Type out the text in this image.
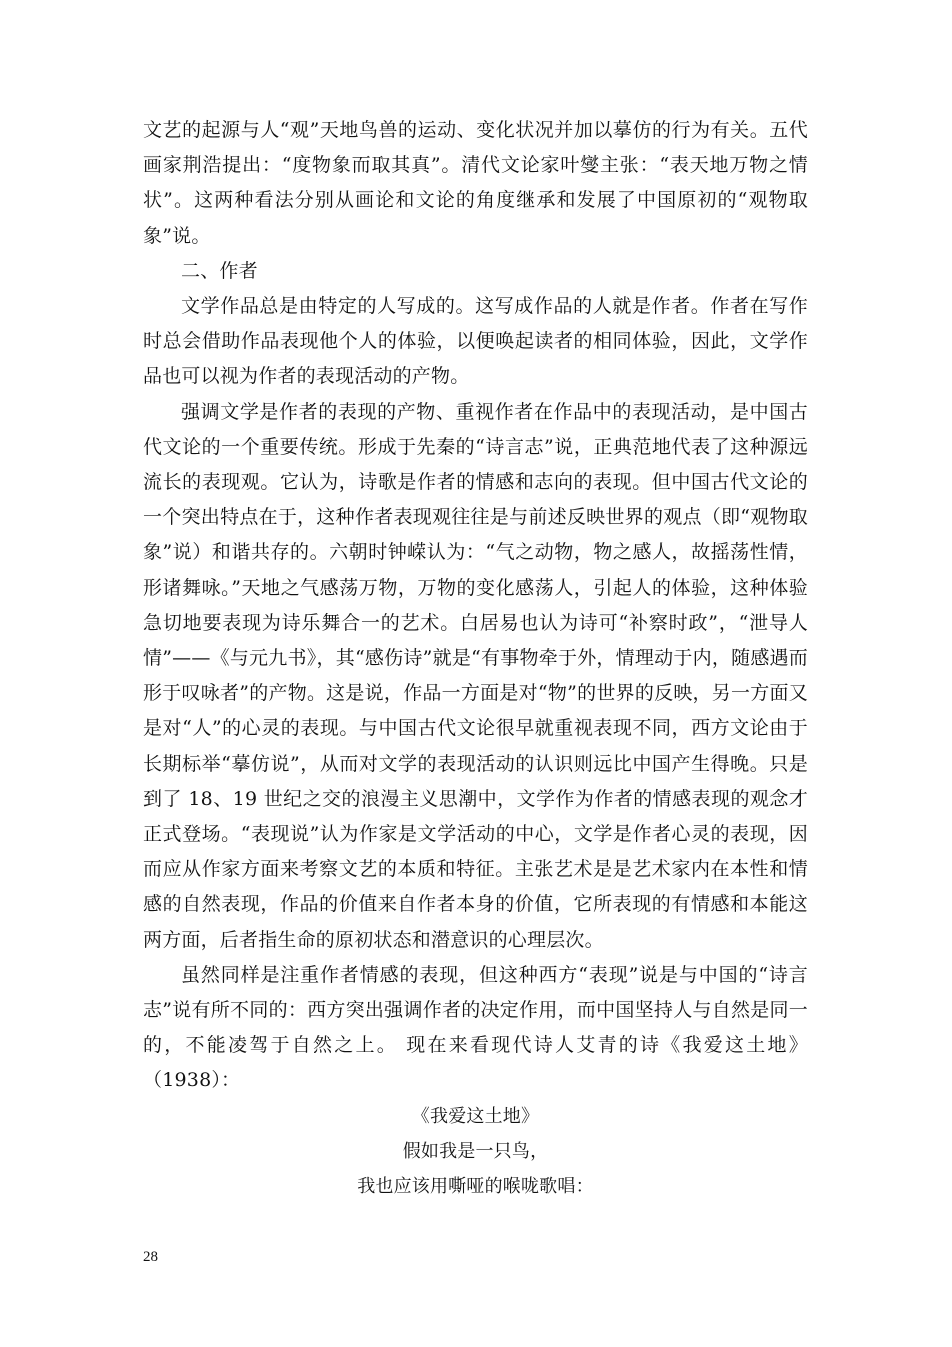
文艺的起源与人“观”天地鸟兽的运动、变化状况并加以摹仿的行为有关。五代画家荆浩提出：“度物象而取其真”。清代文论家叶燮主张：“表天地万物之情状”。这两种看法分别从画论和文论的角度继承和发展了中国原初的“观物取象”说。

二、作者

文学作品总是由特定的人写成的。这写成作品的人就是作者。作者在写作时总会借助作品表现他个人的体验，以便唤起读者的相同体验，因此，文学作品也可以视为作者的表现活动的产物。

强调文学是作者的表现的产物、重视作者在作品中的表现活动，是中国古代文论的一个重要传统。形成于先秦的“诗言志”说，正典范地代表了这种源远流长的表现观。它认为，诗歌是作者的情感和志向的表现。但中国古代文论的一个突出特点在于，这种作者表现观往往是与前述反映世界的观点（即“观物取象”说）和谐共存的。六朝时钟嵘认为：“气之动物，物之感人，故摇荡性情，形诸舞咏。”天地之气感荡万物，万物的变化感荡人，引起人的体验，这种体验急切地要表现为诗乐舞合一的艺术。白居易也认为诗可“补察时政”，“泄导人情”——《与元九书》，其“感伤诗”就是“有事物牵于外，情理动于内，随感遇而形于叹咏者”的产物。这是说，作品一方面是对“物”的世界的反映，另一方面又是对“人”的心灵的表现。与中国古代文论很早就重视表现不同，西方文论由于长期标举“摹仿说”，从而对文学的表现活动的认识则远比中国产生得晚。只是到了 18、19 世纪之交的浪漫主义思潮中，文学作为作者的情感表现的观念才正式登场。“表现说”认为作家是文学活动的中心，文学是作者心灵的表现，因而应从作家方面来考察文艺的本质和特征。主张艺术是是艺术家内在本性和情感的自然表现，作品的价值来自作者本身的价值，它所表现的有情感和本能这两方面，后者指生命的原初状态和潜意识的心理层次。

虽然同样是注重作者情感的表现，但这种西方“表现”说是与中国的“诗言志”说有所不同的：西方突出强调作者的决定作用，而中国坚持人与自然是同一的，不能凌驾于自然之上。 现在来看现代诗人艾青的诗《我爱这土地》（1938）：

《我爱这土地》

假如我是一只鸟，

我也应该用嘶哑的喉咙歌唱：

28
